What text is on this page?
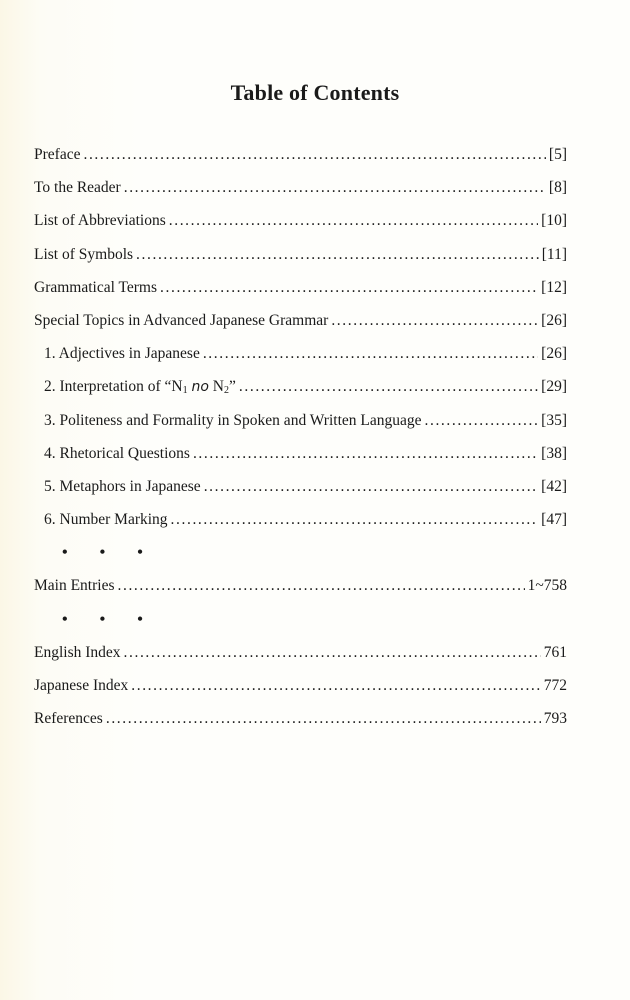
Table of Contents
Preface .....	[5]
To the Reader .....	[8]
List of Abbreviations .....	[10]
List of Symbols .....	[11]
Grammatical Terms .....	[12]
Special Topics in Advanced Japanese Grammar .....	[26]
1. Adjectives in Japanese .....	[26]
2. Interpretation of “N1 no N2” .....	[29]
3. Politeness and Formality in Spoken and Written Language .....	[35]
4. Rhetorical Questions .....	[38]
5. Metaphors in Japanese .....	[42]
6. Number Marking .....	[47]
• • •
Main Entries .....	1~758
• • •
English Index .....	761
Japanese Index .....	772
References .....	793
